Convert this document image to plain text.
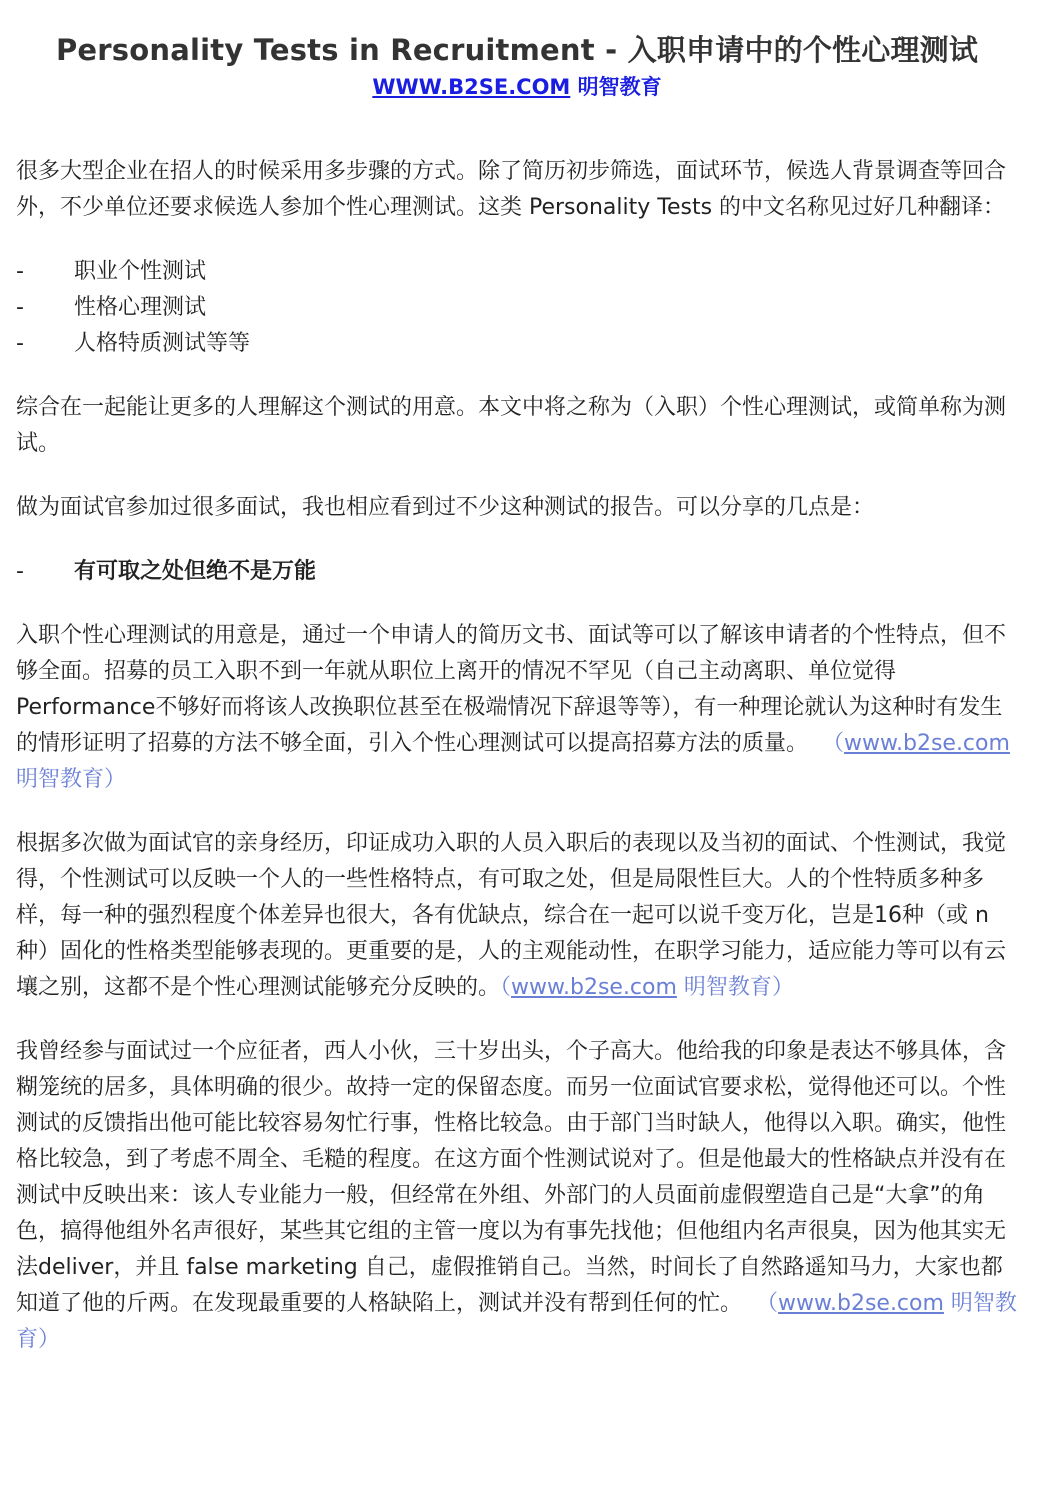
Personality Tests in Recruitment - 入职申请中的个性心理测试
WWW.B2SE.COM 明智教育

很多大型企业在招人的时候采用多步骤的方式。除了简历初步筛选，面试环节，候选人背景调查等回合外，不少单位还要求候选人参加个性心理测试。这类 Personality Tests 的中文名称见过好几种翻译：

-	职业个性测试
-	性格心理测试
-	人格特质测试等等

综合在一起能让更多的人理解这个测试的用意。本文中将之称为（入职）个性心理测试，或简单称为测试。

做为面试官参加过很多面试，我也相应看到过不少这种测试的报告。可以分享的几点是：

-	有可取之处但绝不是万能

入职个性心理测试的用意是，通过一个申请人的简历文书、面试等可以了解该申请者的个性特点，但不够全面。招募的员工入职不到一年就从职位上离开的情况不罕见（自己主动离职、单位觉得Performance不够好而将该人改换职位甚至在极端情况下辞退等等），有一种理论就认为这种时有发生的情形证明了招募的方法不够全面，引入个性心理测试可以提高招募方法的质量。 （www.b2se.com 明智教育）

根据多次做为面试官的亲身经历，印证成功入职的人员入职后的表现以及当初的面试、个性测试，我觉得，个性测试可以反映一个人的一些性格特点，有可取之处，但是局限性巨大。人的个性特质多种多样，每一种的强烈程度个体差异也很大，各有优缺点，综合在一起可以说千变万化，岂是16种（或 n 种）固化的性格类型能够表现的。更重要的是，人的主观能动性，在职学习能力，适应能力等可以有云壤之别，这都不是个性心理测试能够充分反映的。（www.b2se.com 明智教育）

我曾经参与面试过一个应征者，西人小伙，三十岁出头，个子高大。他给我的印象是表达不够具体，含糊笼统的居多，具体明确的很少。故持一定的保留态度。而另一位面试官要求松，觉得他还可以。个性测试的反馈指出他可能比较容易匆忙行事，性格比较急。由于部门当时缺人，他得以入职。确实，他性格比较急，到了考虑不周全、毛糙的程度。在这方面个性测试说对了。但是他最大的性格缺点并没有在测试中反映出来：该人专业能力一般，但经常在外组、外部门的人员面前虚假塑造自己是“大拿”的角色，搞得他组外名声很好，某些其它组的主管一度以为有事先找他；但他组内名声很臭，因为他其实无法deliver，并且 false marketing 自己，虚假推销自己。当然，时间长了自然路遥知马力，大家也都知道了他的斤两。在发现最重要的人格缺陷上，测试并没有帮到任何的忙。 （www.b2se.com 明智教育）
